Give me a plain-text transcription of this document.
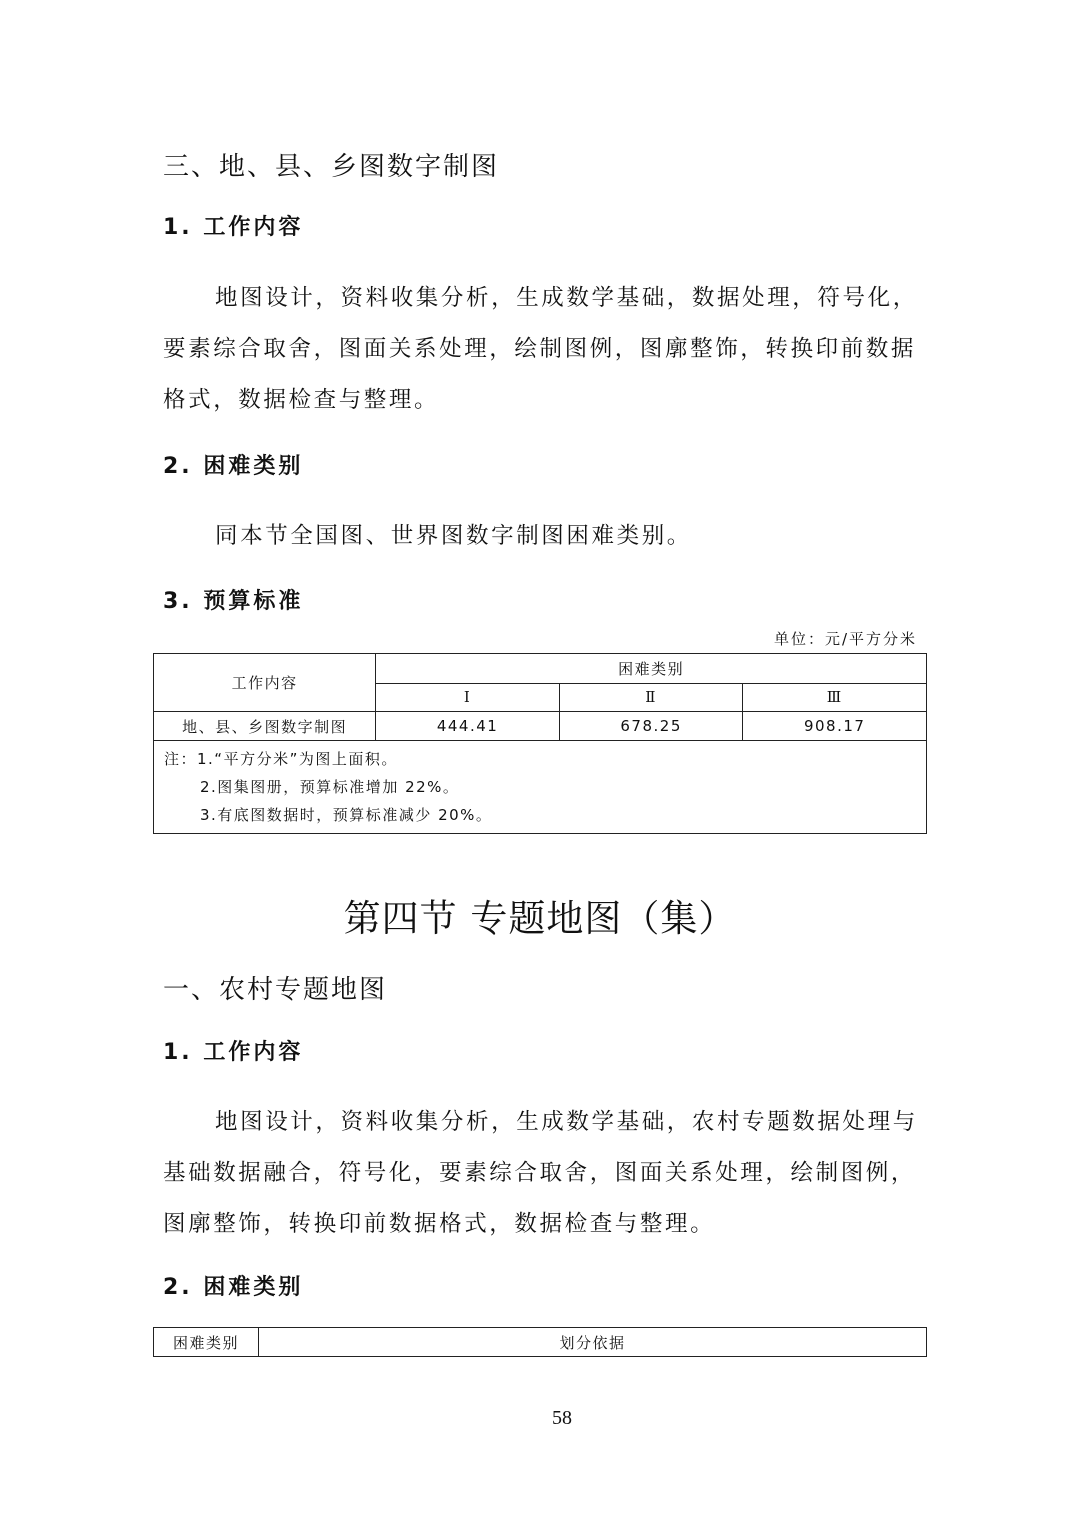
三、地、县、乡图数字制图
1. 工作内容

地图设计，资料收集分析，生成数学基础，数据处理，符号化，要素综合取舍，图面关系处理，绘制图例，图廓整饰，转换印前数据格式，数据检查与整理。

2. 困难类别

同本节全国图、世界图数字制图困难类别。

3. 预算标准
单位：元/平方分米
工作内容	困难类别		
	Ⅰ	Ⅱ	Ⅲ
地、县、乡图数字制图	444.41	678.25	908.17

注：1.“平方分米”为图上面积。
2.图集图册，预算标准增加 22%。
3.有底图数据时，预算标准减少 20%。			
第四节 专题地图（集）
一、农村专题地图
1. 工作内容

地图设计，资料收集分析，生成数学基础，农村专题数据处理与基础数据融合，符号化，要素综合取舍，图面关系处理，绘制图例，图廓整饰，转换印前数据格式，数据检查与整理。

2. 困难类别
困难类别	划分依据
58
